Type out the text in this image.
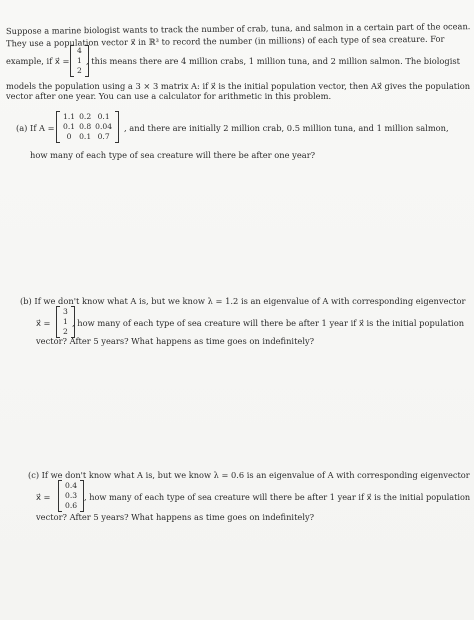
Suppose a marine biologist wants to track the number of crab, tuna, and salmon in a certain part of the ocean.
They use a population vector x⃗ in ℝ³ to record the number (in millions) of each type of sea creature. For
example, if x⃗ =
4
1
2
, this means there are 4 million crabs, 1 million tuna, and 2 million salmon. The biologist
models the population using a 3 × 3 matrix A: if x⃗ is the initial population vector, then Ax⃗ gives the population
vector after one year. You can use a calculator for arithmetic in this problem.
(a) If A =
1.1	0.2	0.1
0.1	0.8	0.04
0	0.1	0.7
, and there are initially 2 million crab, 0.5 million tuna, and 1 million salmon,
how many of each type of sea creature will there be after one year?
(b) If we don't know what A is, but we know λ = 1.2 is an eigenvalue of A with corresponding eigenvector
x⃗ =
3
1
2
, how many of each type of sea creature will there be after 1 year if x⃗ is the initial population
vector? After 5 years? What happens as time goes on indefinitely?
(c) If we don't know what A is, but we know λ = 0.6 is an eigenvalue of A with corresponding eigenvector
x⃗ =
0.4
0.3
0.6
, how many of each type of sea creature will there be after 1 year if x⃗ is the initial population
vector? After 5 years? What happens as time goes on indefinitely?
